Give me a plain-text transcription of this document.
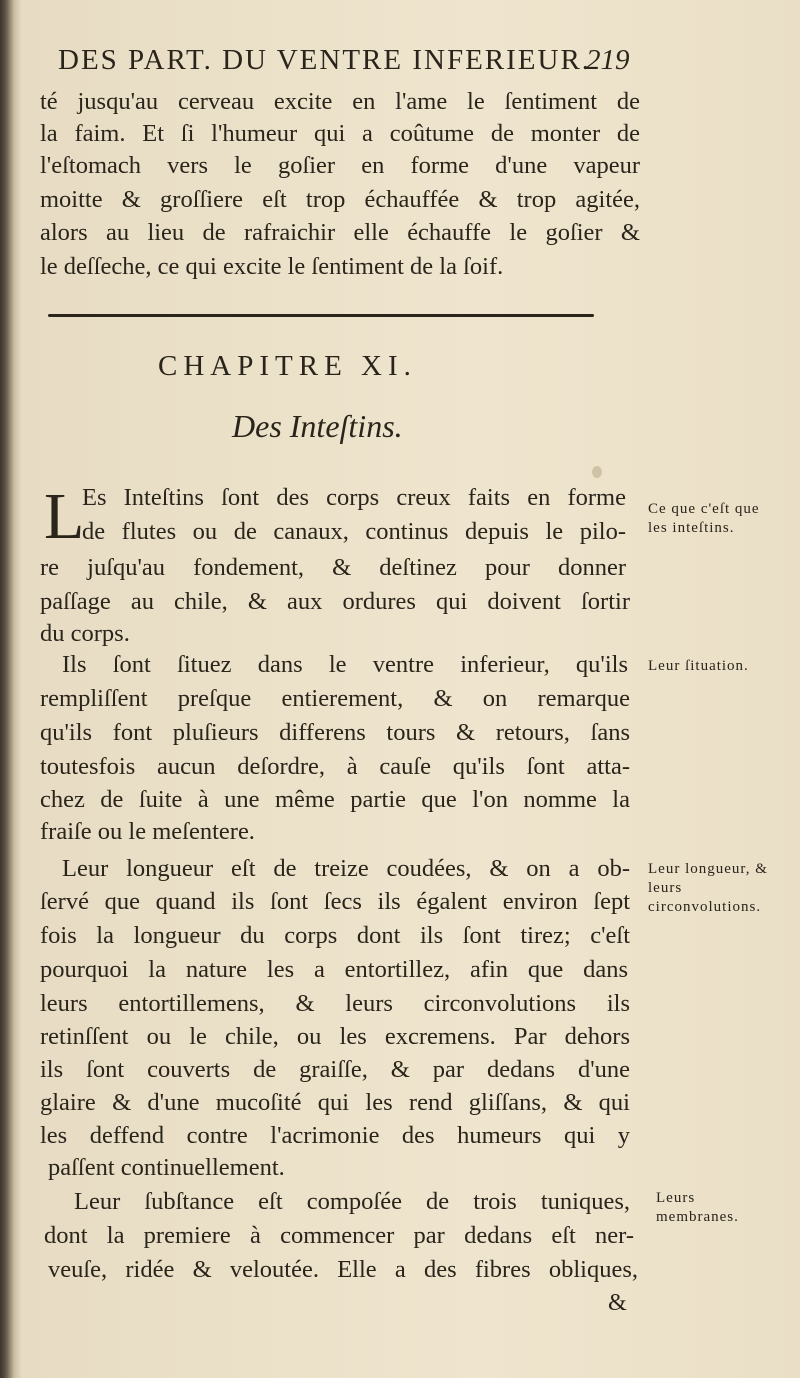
DES PART. DU VENTRE INFERIEUR.
219
té jusqu'au cerveau excite en l'ame le ſentiment de
la faim. Et ſi l'humeur qui a coûtume de monter de
l'eſtomach vers le goſier en forme d'une vapeur
moitte & groſſiere eſt trop échauffée & trop agitée,
alors au lieu de rafraichir elle échauffe le goſier &
le deſſeche, ce qui excite le ſentiment de la ſoif.
CHAPITRE XI.
Des Inteſtins.
L
Es Inteſtins ſont des corps creux faits en forme
de flutes ou de canaux, continus depuis le pilo-
re juſqu'au fondement, & deſtinez pour donner
paſſage au chile, & aux ordures qui doivent ſortir
du corps.
Ils ſont ſituez dans le ventre inferieur, qu'ils
rempliſſent preſque entierement, & on remarque
qu'ils font pluſieurs differens tours & retours, ſans
toutesfois aucun deſordre, à cauſe qu'ils ſont atta-
chez de ſuite à une même partie que l'on nomme la
fraiſe ou le meſentere.
Leur longueur eſt de treize coudées, & on a ob-
ſervé que quand ils ſont ſecs ils égalent environ ſept
fois la longueur du corps dont ils ſont tirez; c'eſt
pourquoi la nature les a entortillez, afin que dans
leurs entortillemens, & leurs circonvolutions ils
retinſſent ou le chile, ou les excremens. Par dehors
ils ſont couverts de graiſſe, & par dedans d'une
glaire & d'une mucoſité qui les rend gliſſans, & qui
les deffend contre l'acrimonie des humeurs qui y
paſſent continuellement.
Leur ſubſtance eſt compoſée de trois tuniques,
dont la premiere à commencer par dedans eſt ner-
veuſe, ridée & veloutée. Elle a des fibres obliques,
&
Ce que c'eſt que les inteſtins.
Leur ſituation.
Leur longueur, & leurs circonvolutions.
Leurs membranes.
